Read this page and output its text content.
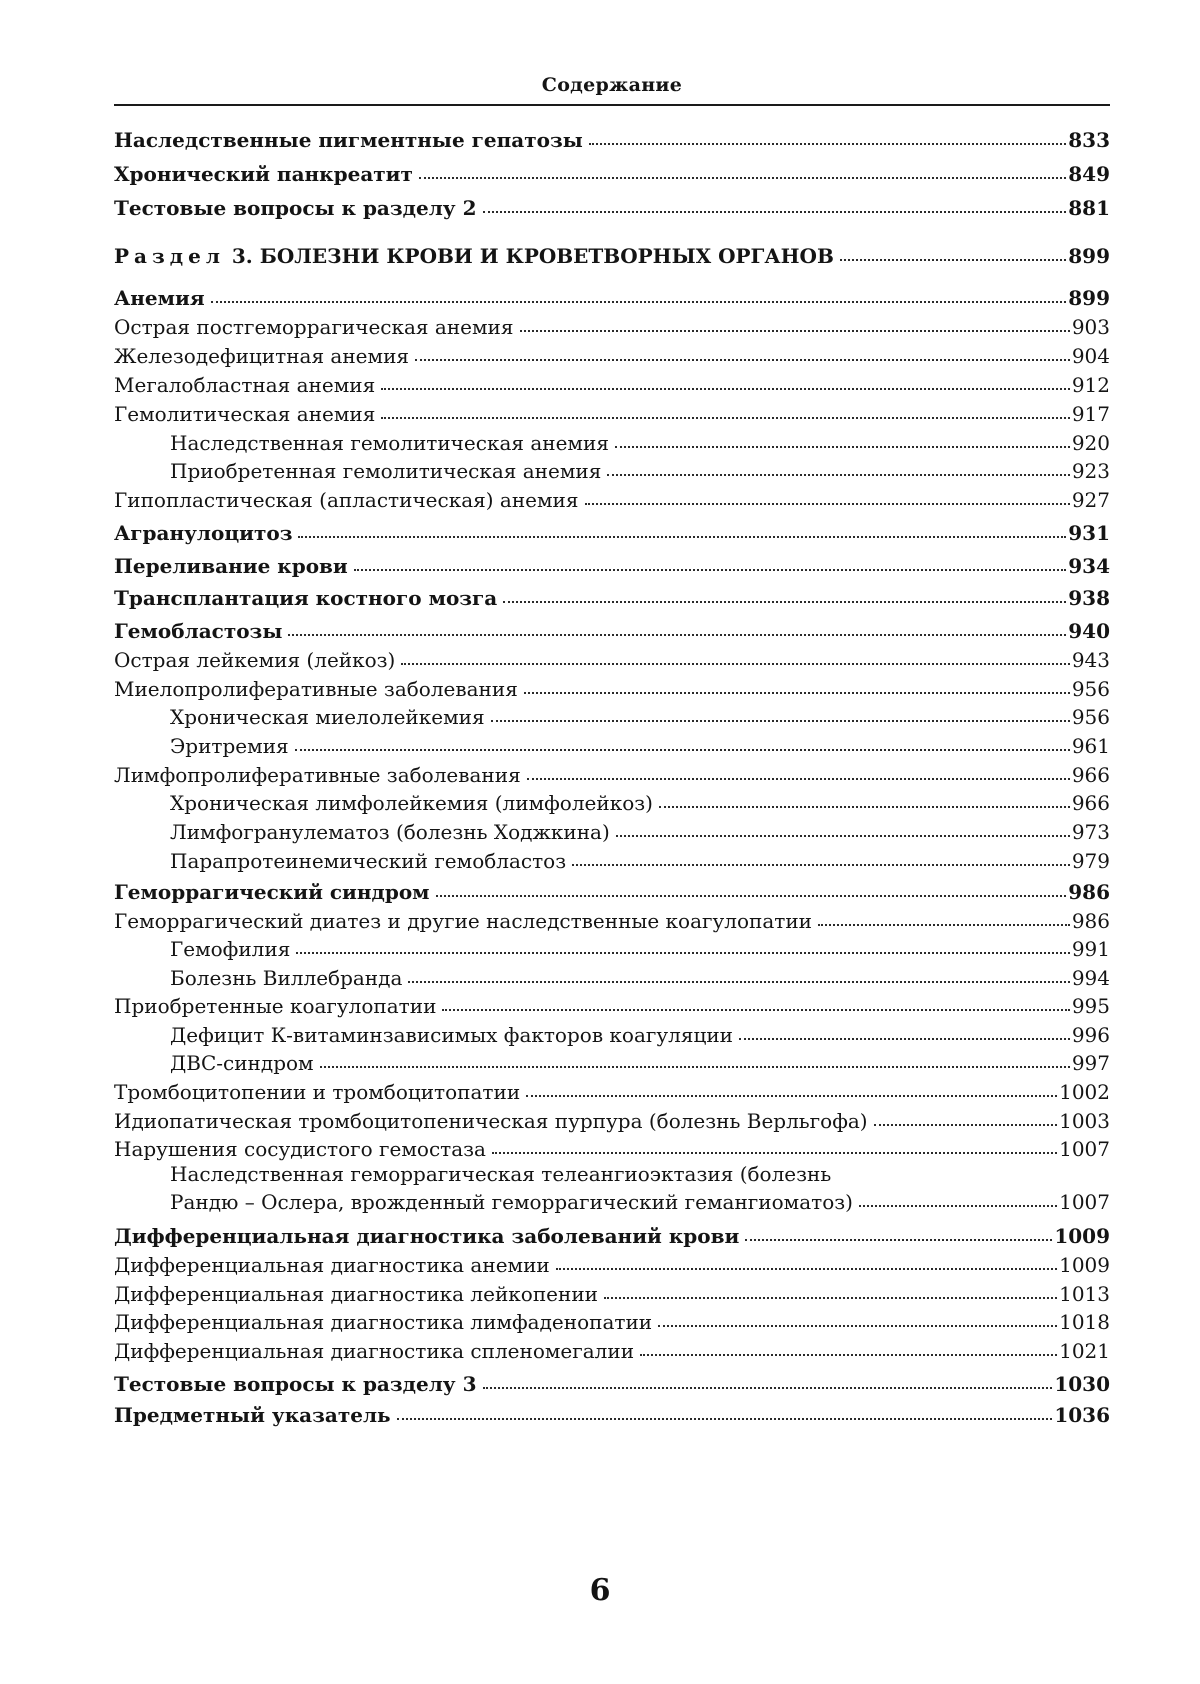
Содержание
Наследственные пигментные гепатозы	833
Хронический панкреатит	849
Тестовые вопросы к разделу 2	881
Раздел 3. БОЛЕЗНИ КРОВИ И КРОВЕТВОРНЫХ ОРГАНОВ	899
Анемия	899
Острая постгеморрагическая анемия	903
Железодефицитная анемия	904
Мегалобластная анемия	912
Гемолитическая анемия	917
Наследственная гемолитическая анемия	920
Приобретенная гемолитическая анемия	923
Гипопластическая (апластическая) анемия	927
Агранулоцитоз	931
Переливание крови	934
Трансплантация костного мозга	938
Гемобластозы	940
Острая лейкемия (лейкоз)	943
Миелопролиферативные заболевания	956
Хроническая миелолейкемия	956
Эритремия	961
Лимфопролиферативные заболевания	966
Хроническая лимфолейкемия (лимфолейкоз)	966
Лимфогранулематоз (болезнь Ходжкина)	973
Парапротеинемический гемобластоз	979
Геморрагический синдром	986
Геморрагический диатез и другие наследственные коагулопатии	986
Гемофилия	991
Болезнь Виллебранда	994
Приобретенные коагулопатии	995
Дефицит К-витаминзависимых факторов коагуляции	996
ДВС-синдром	997
Тромбоцитопении и тромбоцитопатии	1002
Идиопатическая тромбоцитопеническая пурпура (болезнь Верльгофа)	1003
Нарушения сосудистого гемостаза	1007
Наследственная геморрагическая телеангиоэктазия (болезнь
Рандю – Ослера, врожденный геморрагический гемангиоматоз)	1007
Дифференциальная диагностика заболеваний крови	1009
Дифференциальная диагностика анемии	1009
Дифференциальная диагностика лейкопении	1013
Дифференциальная диагностика лимфаденопатии	1018
Дифференциальная диагностика спленомегалии	1021
Тестовые вопросы к разделу 3	1030
Предметный указатель	1036
6
